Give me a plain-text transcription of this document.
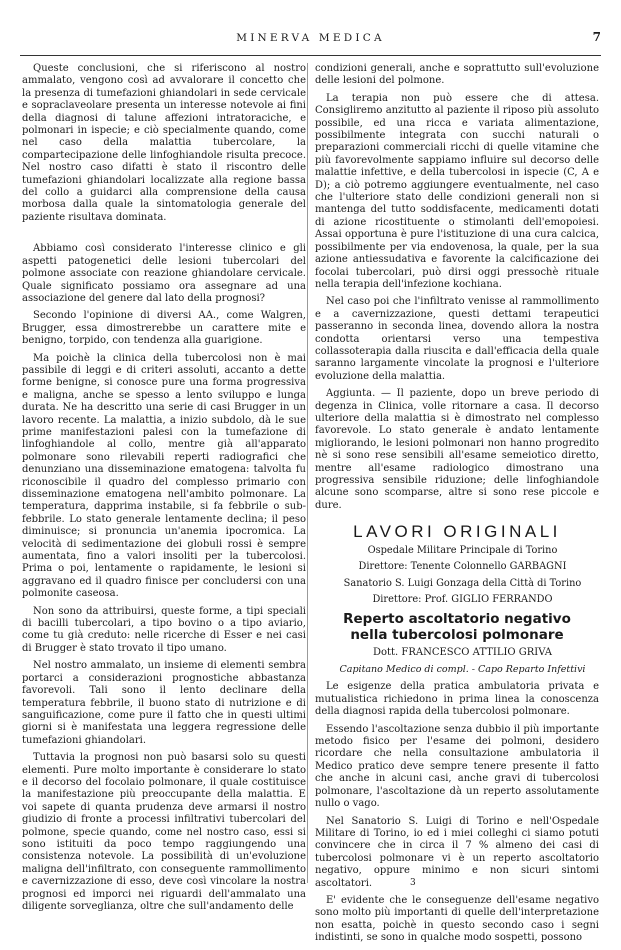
MINERVA MEDICA	7

Queste conclusioni, che si riferiscono al nostro ammalato, vengono così ad avvalorare il concetto che la presenza di tumefazioni ghiandolari in sede cervicale e sopraclaveolare presenta un interesse notevole ai fini della diagnosi di talune affezioni intratoraciche, e polmonari in ispecie; e ciò specialmente quando, come nel caso della malattia tubercolare, la compartecipazione delle linfoghiandole risulta precoce. Nel nostro caso difatti è stato il riscontro delle tumefazioni ghiandolari localizzate alla regione bassa del collo a guidarci alla comprensione della causa morbosa dalla quale la sintomatologia generale del paziente risultava dominata.

Abbiamo così considerato l'interesse clinico e gli aspetti patogenetici delle lesioni tubercolari del polmone associate con reazione ghiandolare cervicale. Quale significato possiamo ora assegnare ad una associazione del genere dal lato della prognosi?

Secondo l'opinione di diversi AA., come Walgren, Brugger, essa dimostrerebbe un carattere mite e benigno, torpido, con tendenza alla guarigione.

Ma poichè la clinica della tubercolosi non è mai passibile di leggi e di criteri assoluti, accanto a dette forme benigne, si conosce pure una forma progressiva e maligna, anche se spesso a lento sviluppo e lunga durata. Ne ha descritto una serie di casi Brugger in un lavoro recente. La malattia, a inizio subdolo, dà le sue prime manifestazioni palesi con la tumefazione di linfoghiandole al collo, mentre già all'apparato polmonare sono rilevabili reperti radiografici che denunziano una disseminazione ematogena: talvolta fu riconoscibile il quadro del complesso primario con disseminazione ematogena nell'ambito polmonare. La temperatura, dapprima instabile, si fa febbrile o sub-febbrile. Lo stato generale lentamente declina; il peso diminuisce; si pronuncia un'anemia ipocromica. La velocità di sedimentazione dei globuli rossi è sempre aumentata, fino a valori insoliti per la tubercolosi. Prima o poi, lentamente o rapidamente, le lesioni si aggravano ed il quadro finisce per concludersi con una polmonite caseosa.

Non sono da attribuirsi, queste forme, a tipi speciali di bacilli tubercolari, a tipo bovino o a tipo aviario, come tu già creduto: nelle ricerche di Esser e nei casi di Brugger è stato trovato il tipo umano.

Nel nostro ammalato, un insieme di elementi sembra portarci a considerazioni prognostiche abbastanza favorevoli. Tali sono il lento declinare della temperatura febbrile, il buono stato di nutrizione e di sanguificazione, come pure il fatto che in questi ultimi giorni si è manifestata una leggera regressione delle tumefazioni ghiandolari.

Tuttavia la prognosi non può basarsi solo su questi elementi. Pure molto importante è considerare lo stato e il decorso del focolaio polmonare, il quale costituisce la manifestazione più preoccupante della malattia. E voi sapete di quanta prudenza deve armarsi il nostro giudizio di fronte a processi infiltrativi tubercolari del polmone, specie quando, come nel nostro caso, essi si sono istituiti da poco tempo raggiungendo una consistenza notevole. La possibilità di un'evoluzione maligna dell'infiltrato, con conseguente rammollimento e cavernizzazione di esso, deve così vincolare la nostra prognosi ed imporci nei riguardi dell'ammalato una diligente sorveglianza, oltre che sull'andamento delle

condizioni generali, anche e soprattutto sull'evoluzione delle lesioni del polmone.

La terapia non può essere che di attesa. Consigliremo anzitutto al paziente il riposo più assoluto possibile, ed una ricca e variata alimentazione, possibilmente integrata con succhi naturali o preparazioni commerciali ricchi di quelle vitamine che più favorevolmente sappiamo influire sul decorso delle malattie infettive, e della tubercolosi in ispecie (C, A e D); a ciò potremo aggiungere eventualmente, nel caso che l'ulteriore stato delle condizioni generali non si mantenga del tutto soddisfacente, medicamenti dotati di azione ricostituente o stimolanti dell'emopoiesi. Assai opportuna è pure l'istituzione di una cura calcica, possibilmente per via endovenosa, la quale, per la sua azione antiessudativa e favorente la calcificazione dei focolai tubercolari, può dirsi oggi pressochè rituale nella terapia dell'infezione kochiana.

Nel caso poi che l'infiltrato venisse al rammollimento e a cavernizzazione, questi dettami terapeutici passeranno in seconda linea, dovendo allora la nostra condotta orientarsi verso una tempestiva collassoterapia dalla riuscita e dall'efficacia della quale saranno largamente vincolate la prognosi e l'ulteriore evoluzione della malattia.

Aggiunta. — Il paziente, dopo un breve periodo di degenza in Clinica, volle ritornare a casa. Il decorso ulteriore della malattia si è dimostrato nel complesso favorevole. Lo stato generale è andato lentamente migliorando, le lesioni polmonari non hanno progredito nè si sono rese sensibili all'esame semeiotico diretto, mentre all'esame radiologico dimostrano una progressiva sensibile riduzione; delle linfoghiandole alcune sono scomparse, altre si sono rese piccole e dure.

LAVORI ORIGINALI

Ospedale Militare Principale di Torino

Direttore: Tenente Colonnello GARBAGNI

Sanatorio S. Luigi Gonzaga della Città di Torino

Direttore: Prof. GIGLIO FERRANDO

Reperto ascoltatorio negativo
nella tubercolosi polmonare

Dott. FRANCESCO ATTILIO GRIVA

Capitano Medico di compl. - Capo Reparto Infettivi

Le esigenze della pratica ambulatoria privata e mutualistica richiedono in prima linea la conoscenza della diagnosi rapida della tubercolosi polmonare.

Essendo l'ascoltazione senza dubbio il più importante metodo fisico per l'esame dei polmoni, desidero ricordare che nella consultazione ambulatoria il Medico pratico deve sempre tenere presente il fatto che anche in alcuni casi, anche gravi di tubercolosi polmonare, l'ascoltazione dà un reperto assolutamente nullo o vago.

Nel Sanatorio S. Luigi di Torino e nell'Ospedale Militare di Torino, io ed i miei colleghi ci siamo potuti convincere che in circa il 7 % almeno dei casi di tubercolosi polmonare vi è un reperto ascoltatorio negativo, oppure minimo e non sicuri sintomi ascoltatori.

E' evidente che le conseguenze dell'esame negativo sono molto più importanti di quelle dell'interpretazione non esatta, poichè in questo secondo caso i segni indistinti, se sono in qualche modo sospetti, possono

3
